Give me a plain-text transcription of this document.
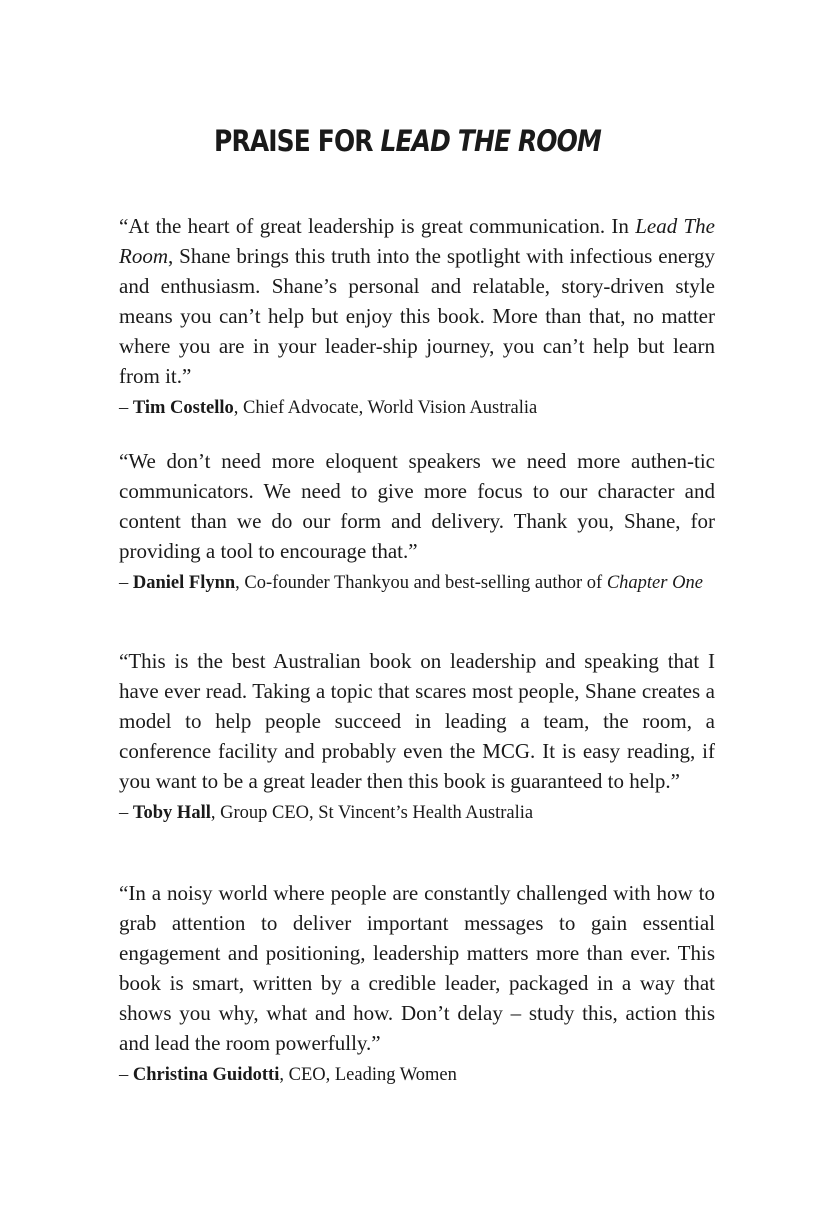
PRAISE FOR LEAD THE ROOM

“At the heart of great leadership is great communication. In Lead The Room, Shane brings this truth into the spotlight with infectious energy and enthusiasm. Shane’s personal and relatable, story-driven style means you can’t help but enjoy this book. More than that, no matter where you are in your leader-ship journey, you can’t help but learn from it.”

– Tim Costello, Chief Advocate, World Vision Australia

“We don’t need more eloquent speakers we need more authen-tic communicators. We need to give more focus to our character and content than we do our form and delivery. Thank you, Shane, for providing a tool to encourage that.”

– Daniel Flynn, Co-founder Thankyou and best-selling author of Chapter One

“This is the best Australian book on leadership and speaking that I have ever read. Taking a topic that scares most people, Shane creates a model to help people succeed in leading a team, the room, a conference facility and probably even the MCG. It is easy reading, if you want to be a great leader then this book is guaranteed to help.”

– Toby Hall, Group CEO, St Vincent’s Health Australia

“In a noisy world where people are constantly challenged with how to grab attention to deliver important messages to gain essential engagement and positioning, leadership matters more than ever. This book is smart, written by a credible leader, packaged in a way that shows you why, what and how. Don’t delay – study this, action this and lead the room powerfully.”

– Christina Guidotti, CEO, Leading Women
